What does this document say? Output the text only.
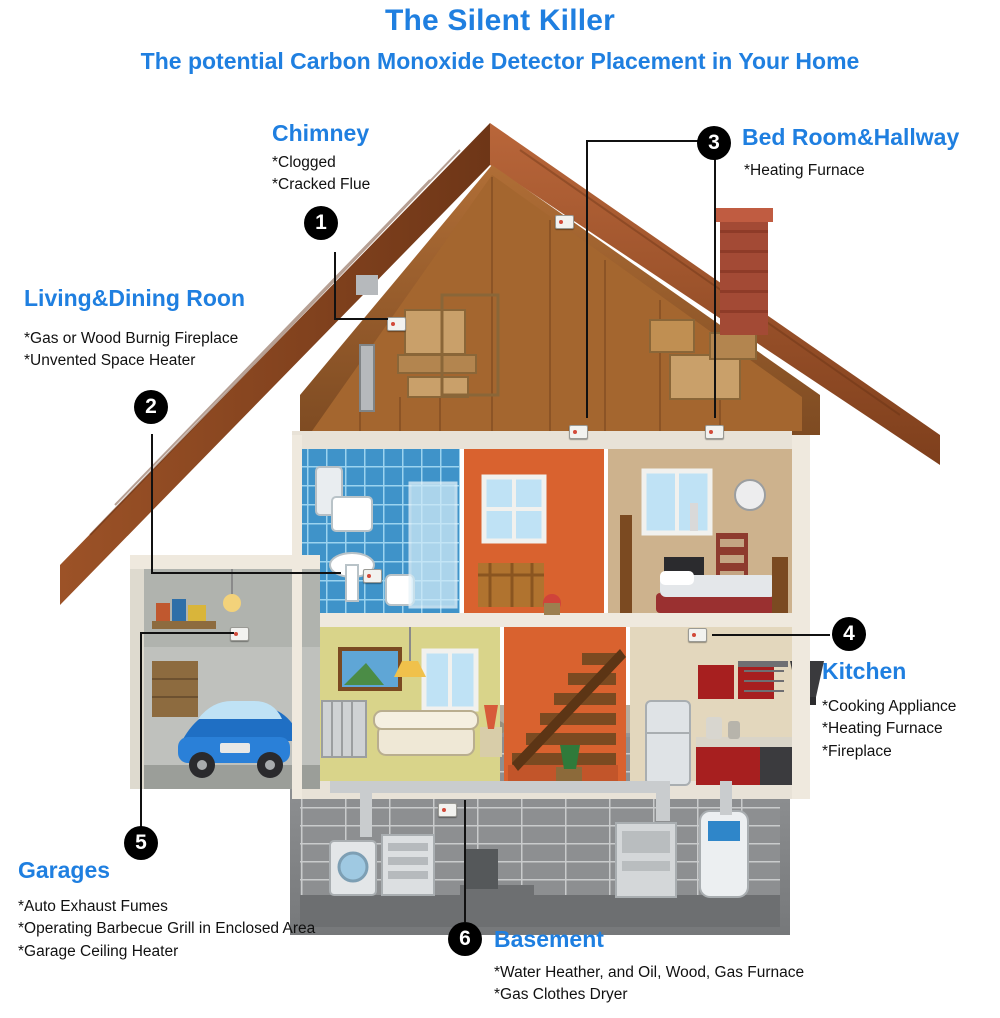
The Silent Killer
The potential Carbon Monoxide Detector Placement in Your Home
Chimney
*Clogged
*Cracked Flue
1
Living&Dining Roon
*Gas or Wood Burnig Fireplace
*Unvented Space Heater
2
3 Bed Room&Hallway
*Heating Furnace
4
Kitchen
*Cooking Appliance
*Heating Furnace
*Fireplace
5
Garages
*Auto Exhaust Fumes
*Operating Barbecue Grill in Enclosed Area
*Garage Ceiling Heater
6	Basement
*Water Heather, and Oil, Wood, Gas Furnace
*Gas Clothes Dryer
